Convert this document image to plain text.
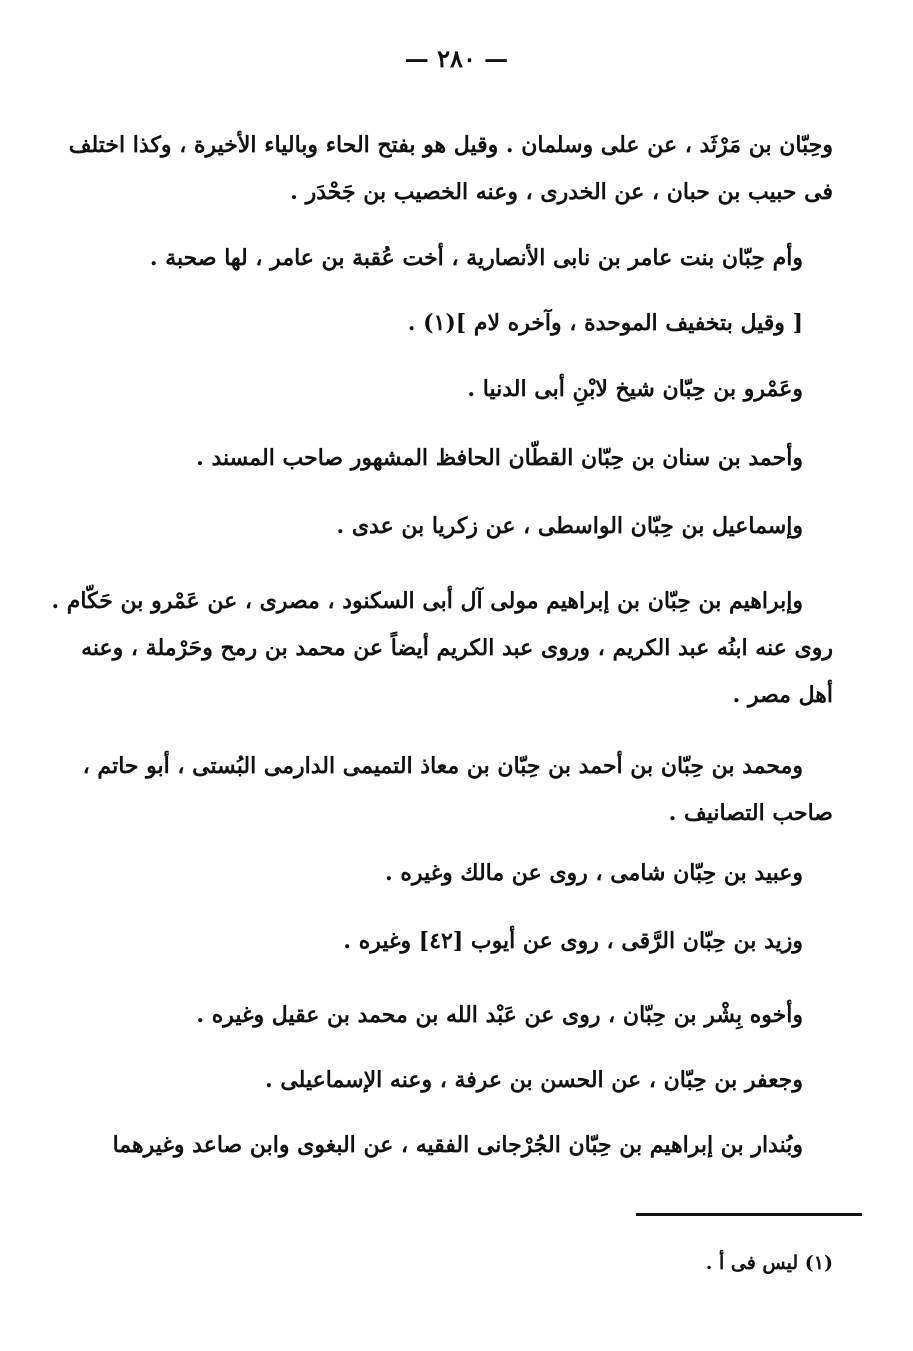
— ٢٨٠ —
وحِبّان بن مَرْثَد ، عن على وسلمان . وقيل هو بفتح الحاء وبالياء الأخيرة ، وكذا اختلف
فى حبيب بن حبان ، عن الخدرى ، وعنه الخصيب بن جَحْدَر .
وأم حِبّان بنت عامر بن نابى الأنصارية ، أخت عُقبة بن عامر ، لها صحبة .
[ وقيل بتخفيف الموحدة ، وآخره لام ](١) .
وعَمْرو بن حِبّان شيخ لابْنِ أبى الدنيا .
وأحمد بن سنان بن حِبّان القطّان الحافظ المشهور صاحب المسند .
وإسماعيل بن حِبّان الواسطى ، عن زكريا بن عدى .
وإبراهيم بن حِبّان بن إبراهيم مولى آل أبى السكنود ، مصرى ، عن عَمْرو بن حَكّام .
روى عنه ابنُه عبد الكريم ، وروى عبد الكريم أيضاً عن محمد بن رمح وحَرْملة ، وعنه
أهل مصر .
ومحمد بن حِبّان بن أحمد بن حِبّان بن معاذ التميمى الدارمى البُستى ، أبو حاتم ،
صاحب التصانيف .
وعبيد بن حِبّان شامى ، روى عن مالك وغيره .
وزيد بن حِبّان الرَّقى ، روى عن أيوب [٤٢] وغيره .
وأخوه بِشْر بن حِبّان ، روى عن عَبْد الله بن محمد بن عقيل وغيره .
وجعفر بن حِبّان ، عن الحسن بن عرفة ، وعنه الإسماعيلى .
وبُندار بن إبراهيم بن حِبّان الجُرْجانى الفقيه ، عن البغوى وابن صاعد وغيرهما
(١) ليس فى أ .
